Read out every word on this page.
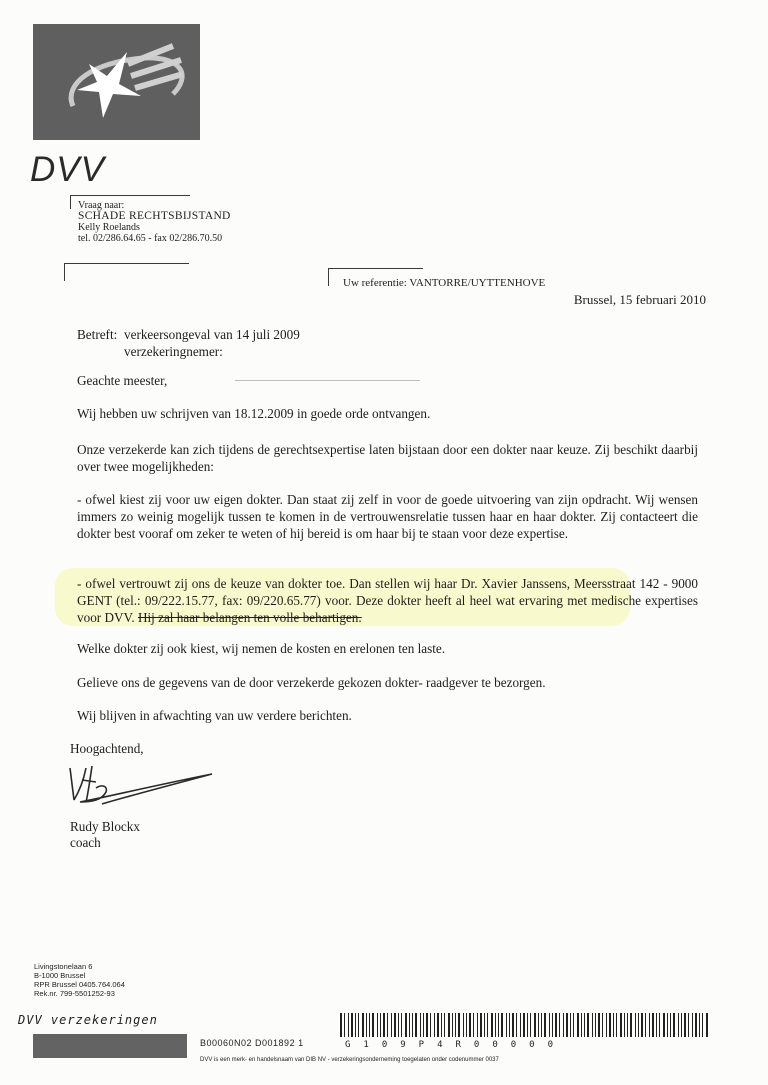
DVV
Vraag naar:
SCHADE RECHTSBIJSTAND
Kelly Roelands
tel. 02/286.64.65 - fax 02/286.70.50
Uw referentie: VANTORRE/UYTTENHOVE
Brussel, 15 februari 2010
Betreft: verkeersongeval van 14 juli 2009
verzekeringnemer:
Geachte meester,
Wij hebben uw schrijven van 18.12.2009 in goede orde ontvangen.
Onze verzekerde kan zich tijdens de gerechtsexpertise laten bijstaan door een dokter naar keuze. Zij beschikt daarbij over twee mogelijkheden:
- ofwel kiest zij voor uw eigen dokter. Dan staat zij zelf in voor de goede uitvoering van zijn opdracht. Wij wensen immers zo weinig mogelijk tussen te komen in de vertrouwensrelatie tussen haar en haar dokter. Zij contacteert die dokter best vooraf om zeker te weten of hij bereid is om haar bij te staan voor deze expertise.
- ofwel vertrouwt zij ons de keuze van dokter toe. Dan stellen wij haar Dr. Xavier Janssens, Meersstraat 142 - 9000 GENT (tel.: 09/222.15.77, fax: 09/220.65.77) voor. Deze dokter heeft al heel wat ervaring met medische expertises voor DVV. Hij zal haar belangen ten volle behartigen.
Welke dokter zij ook kiest, wij nemen de kosten en erelonen ten laste.
Gelieve ons de gegevens van de door verzekerde gekozen dokter- raadgever te bezorgen.
Wij blijven in afwachting van uw verdere berichten.
Hoogachtend,
Rudy Blockx
coach
Livingstonelaan 6
B-1000 Brussel
RPR Brussel 0405.764.064
Rek.nr. 799-5501252-93
DVV verzekeringen
B00060N02 D001892 1	G109P4R00000
DVV is een merk- en handelsnaam van DIB NV - verzekeringsonderneming toegelaten onder codenummer 0037
